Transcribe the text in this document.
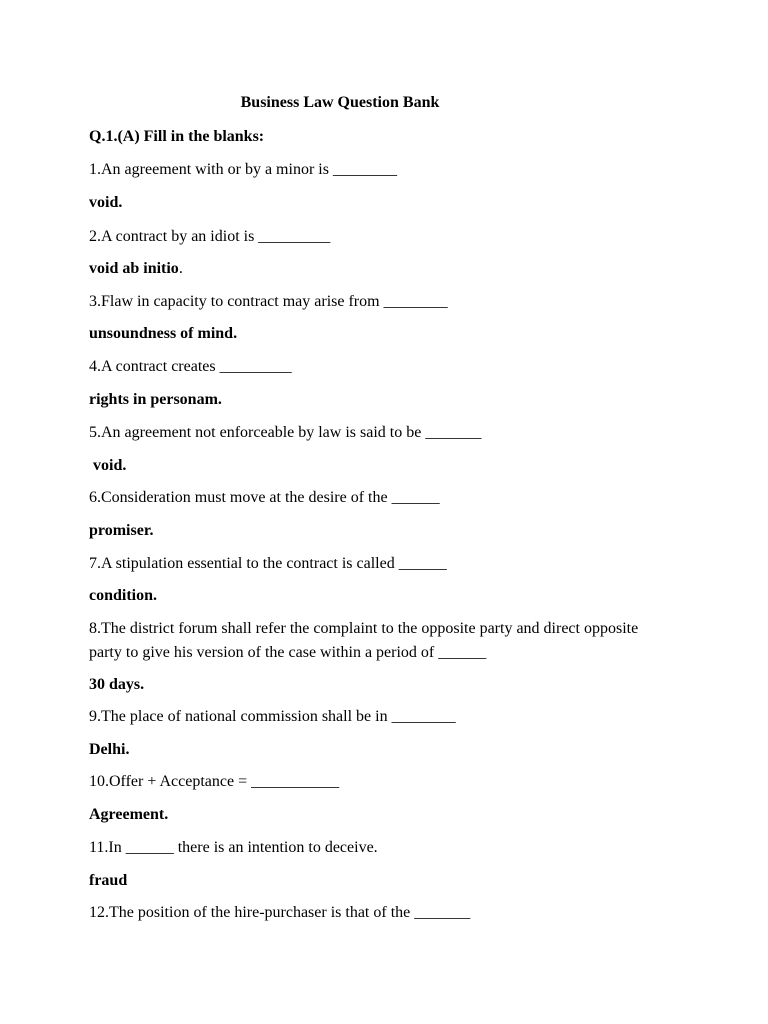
Business Law Question Bank
Q.1.(A) Fill in the blanks:
1.An agreement with or by a minor is ________
void.
2.A contract by an idiot is _________
void ab initio.
3.Flaw in capacity to contract may arise from ________
unsoundness of mind.
4.A contract creates _________
rights in personam.
5.An agreement not enforceable by law is said to be _______
void.
6.Consideration must move at the desire of the ______
promiser.
7.A stipulation essential to the contract is called ______
condition.
8.The district forum shall refer the complaint to the opposite party and direct opposite party to give his version of the case within a period of ______
30 days.
9.The place of national commission shall be in ________
Delhi.
10.Offer + Acceptance = ___________
Agreement.
11.In ______ there is an intention to deceive.
fraud
12.The position of the hire-purchaser is that of the _______
